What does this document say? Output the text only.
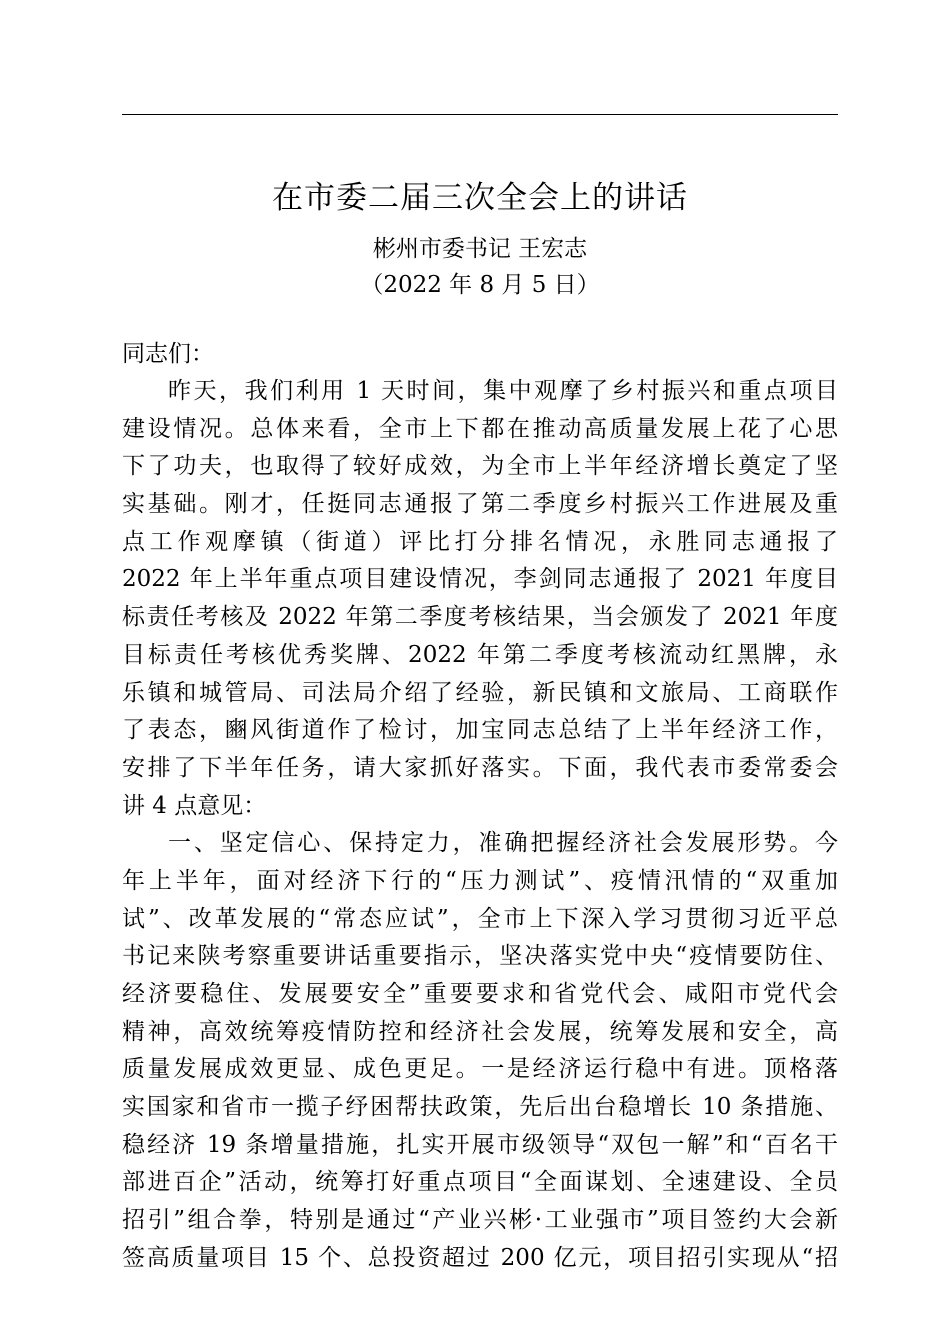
在市委二届三次全会上的讲话
彬州市委书记 王宏志
（2022 年 8 月 5 日）
同志们：
昨天，我们利用 1 天时间，集中观摩了乡村振兴和重点项目
建设情况。总体来看，全市上下都在推动高质量发展上花了心思
下了功夫，也取得了较好成效，为全市上半年经济增长奠定了坚
实基础。刚才，任挺同志通报了第二季度乡村振兴工作进展及重
点工作观摩镇（街道）评比打分排名情况，永胜同志通报了
2022 年上半年重点项目建设情况，李剑同志通报了 2021 年度目
标责任考核及 2022 年第二季度考核结果，当会颁发了 2021 年度
目标责任考核优秀奖牌、2022 年第二季度考核流动红黑牌，永
乐镇和城管局、司法局介绍了经验，新民镇和文旅局、工商联作
了表态，豳风街道作了检讨，加宝同志总结了上半年经济工作，
安排了下半年任务，请大家抓好落实。下面，我代表市委常委会
讲 4 点意见：
一、坚定信心、保持定力，准确把握经济社会发展形势。今
年上半年，面对经济下行的“压力测试”、疫情汛情的“双重加
试”、改革发展的“常态应试”，全市上下深入学习贯彻习近平总
书记来陕考察重要讲话重要指示，坚决落实党中央“疫情要防住、
经济要稳住、发展要安全”重要要求和省党代会、咸阳市党代会
精神，高效统筹疫情防控和经济社会发展，统筹发展和安全，高
质量发展成效更显、成色更足。一是经济运行稳中有进。顶格落
实国家和省市一揽子纾困帮扶政策，先后出台稳增长 10 条措施、
稳经济 19 条增量措施，扎实开展市级领导“双包一解”和“百名干
部进百企”活动，统筹打好重点项目“全面谋划、全速建设、全员
招引”组合拳，特别是通过“产业兴彬·工业强市”项目签约大会新
签高质量项目 15 个、总投资超过 200 亿元，项目招引实现从“招
